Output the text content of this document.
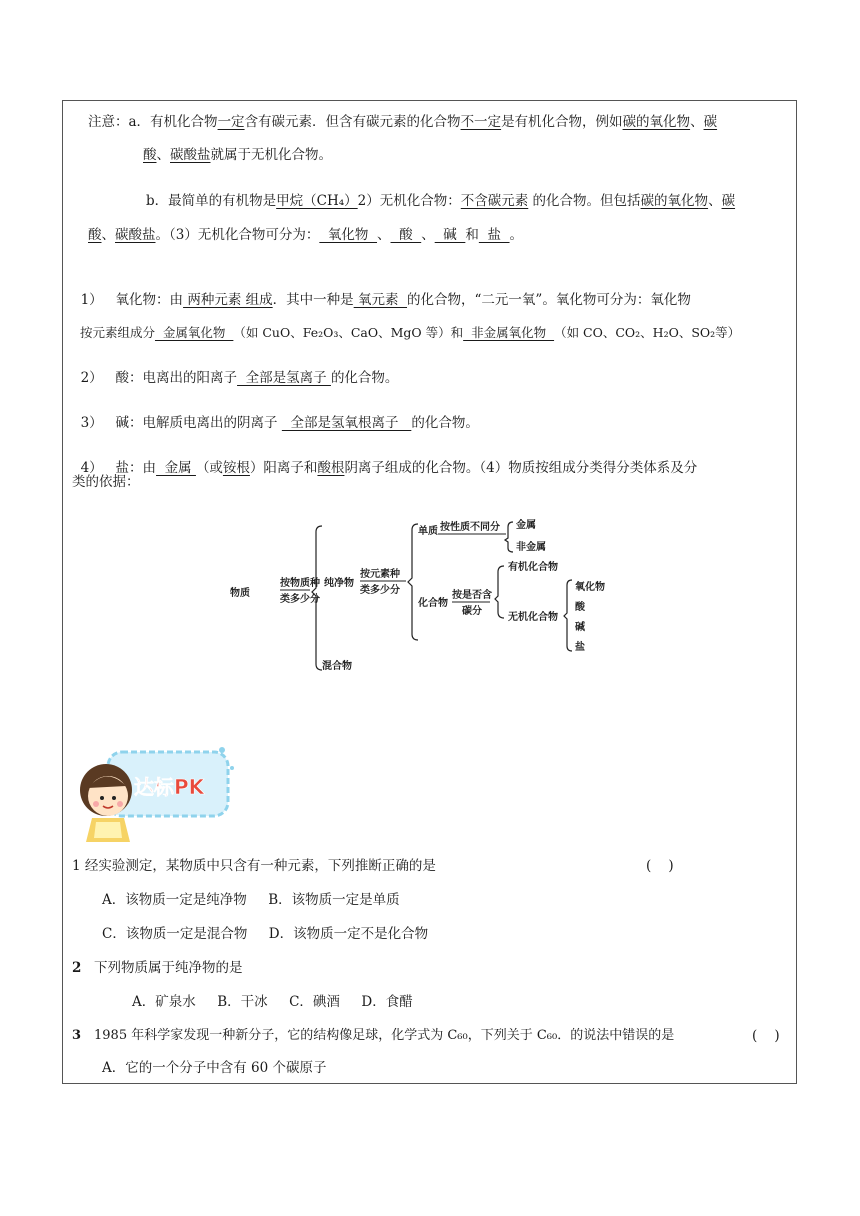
注意：a．有机化合物一定含有碳元素．但含有碳元素的化合物不一定是有机化合物，例如碳的氧化物、碳
酸、碳酸盐就属于无机化合物。
b．最简单的有机物是甲烷（CH₄）2）无机化合物：不含碳元素 的化合物。但包括碳的氧化物、碳
酸、碳酸盐。（3）无机化合物可分为：  氧化物  、  酸  、  碱  和  盐  。

1）   氧化物：由 两种元素 组成．其中一种是 氧元素  的化合物，“二元一氧”。氧化物可分为：氧化物

按元素组成分  金属氧化物  （如 CuO、Fe₂O₃、CaO、MgO 等）和  非金属氧化物  （如 CO、CO₂、H₂O、SO₂等）

2）   酸：电离出的阳离子  全部是氢离子 的化合物。

3）   碱：电解质电离出的阴离子   全部是氢氧根离子   的化合物。

4）   盐：由  金属 （或铵根）阳离子和酸根阴离子组成的化合物。（4）物质按组成分类得分类体系及分

类的依据：
物质
按物质种
类多少分
纯净物
按元素种
类多少分
单质 按性质不同分 金属
非金属
化合物
按是否含
碳分
有机化合物
无机化合物
氧化物
酸
碱
盐
混合物
达标PK
1 经实验测定，某物质中只含有一种元素，下列推断正确的是	(    )
A．该物质一定是纯净物     B．该物质一定是单质
C．该物质一定是混合物     D．该物质一定不是化合物
2 下列物质属于纯净物的是
A．矿泉水     B．干冰     C．碘酒     D．食醋
3 1985 年科学家发现一种新分子，它的结构像足球，化学式为 C₆₀，下列关于 C₆₀．的说法中错误的是	(    )
A．它的一个分子中含有 60 个碳原子
